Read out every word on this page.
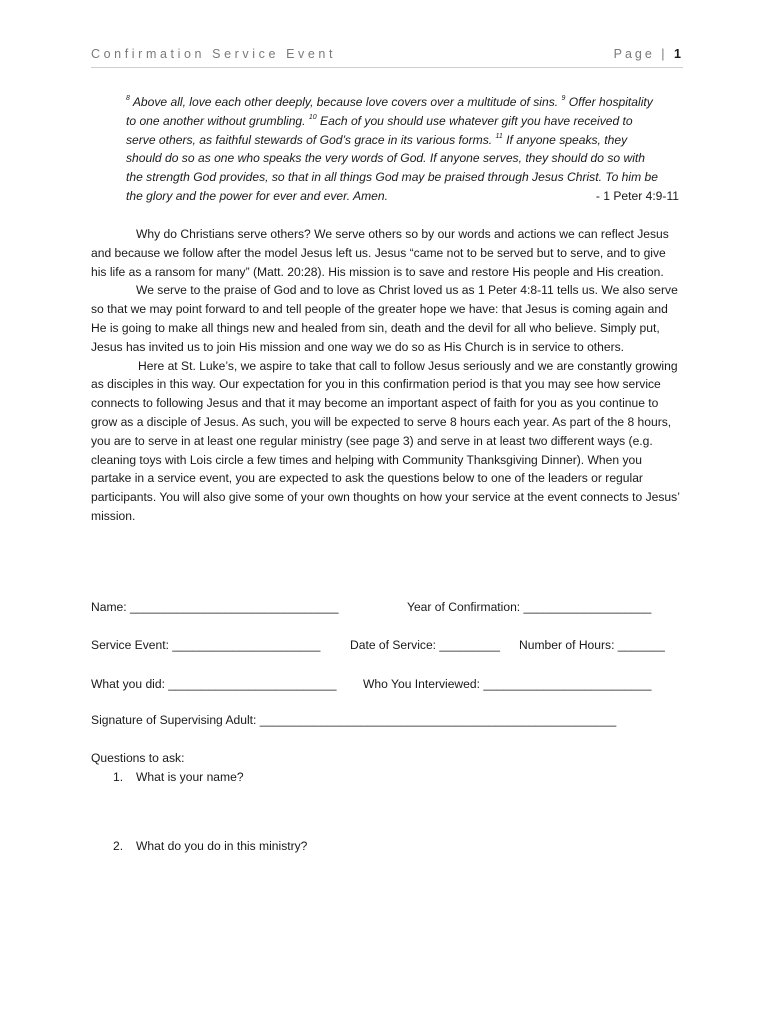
Confirmation Service Event	Page | 1
$^8$ Above all, love each other deeply, because love covers over a multitude of sins. $^9$ Offer hospitality
to one another without grumbling. $^{10}$ Each of you should use whatever gift you have received to
serve others, as faithful stewards of God’s grace in its various forms. $^{11}$ If anyone speaks, they
should do so as one who speaks the very words of God. If anyone serves, they should do so with
the strength God provides, so that in all things God may be praised through Jesus Christ. To him be
the glory and the power for ever and ever. Amen.	- 1 Peter 4:9-11

Why do Christians serve others? We serve others so by our words and actions we can reflect Jesus and because we follow after the model Jesus left us. Jesus “came not to be served but to serve, and to give his life as a ransom for many” (Matt. 20:28). His mission is to save and restore His people and His creation.

We serve to the praise of God and to love as Christ loved us as 1 Peter 4:8-11 tells us. We also serve so that we may point forward to and tell people of the greater hope we have: that Jesus is coming again and He is going to make all things new and healed from sin, death and the devil for all who believe. Simply put, Jesus has invited us to join His mission and one way we do so as His Church is in service to others.

Here at St. Luke’s, we aspire to take that call to follow Jesus seriously and we are constantly growing as disciples in this way. Our expectation for you in this confirmation period is that you may see how service connects to following Jesus and that it may become an important aspect of faith for you as you continue to grow as a disciple of Jesus. As such, you will be expected to serve 8 hours each year. As part of the 8 hours, you are to serve in at least one regular ministry (see page 3) and serve in at least two different ways (e.g. cleaning toys with Lois circle a few times and helping with Community Thanksgiving Dinner). When you partake in a service event, you are expected to ask the questions below to one of the leaders or regular participants. You will also give some of your own thoughts on how your service at the event connects to Jesus’ mission.

Name: _______________________________	Year of Confirmation: ___________________
Service Event: ______________________ Date of Service: _________ Number of Hours: _______
What you did: _________________________ Who You Interviewed: _________________________
Signature of Supervising Adult: _____________________________________________________
Questions to ask:
1. What is your name?
2. What do you do in this ministry?
